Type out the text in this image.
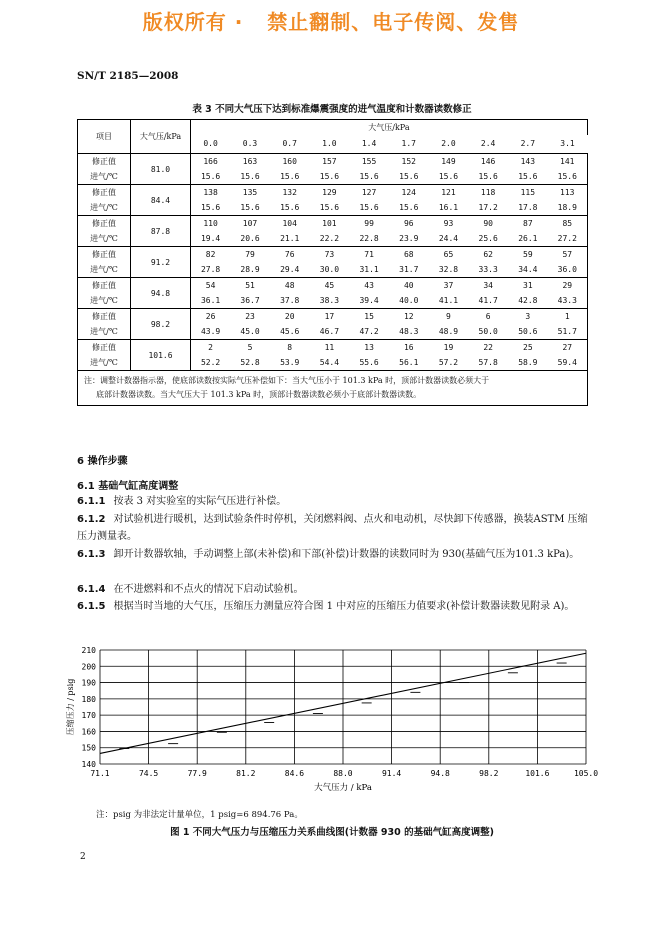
版权所有 ·   禁止翻制、电子传阅、发售
SN/T 2185—2008
表 3 不同大气压下达到标准爆震强度的进气温度和计数器读数修正
项目	大气压/kPa	大气压/kPa									
		0.0	0.3	0.7	1.0	1.4	1.7	2.0	2.4	2.7	3.1
修正值	81.0	166	163	160	157	155	152	149	146	143	141
进气/℃		15.6	15.6	15.6	15.6	15.6	15.6	15.6	15.6	15.6	15.6
修正值	84.4	138	135	132	129	127	124	121	118	115	113
进气/℃		15.6	15.6	15.6	15.6	15.6	15.6	16.1	17.2	17.8	18.9
修正值	87.8	110	107	104	101	99	96	93	90	87	85
进气/℃		19.4	20.6	21.1	22.2	22.8	23.9	24.4	25.6	26.1	27.2
修正值	91.2	82	79	76	73	71	68	65	62	59	57
进气/℃		27.8	28.9	29.4	30.0	31.1	31.7	32.8	33.3	34.4	36.0
修正值	94.8	54	51	48	45	43	40	37	34	31	29
进气/℃		36.1	36.7	37.8	38.3	39.4	40.0	41.1	41.7	42.8	43.3
修正值	98.2	26	23	20	17	15	12	9	6	3	1
进气/℃		43.9	45.0	45.6	46.7	47.2	48.3	48.9	50.0	50.6	51.7
修正值	101.6	2	5	8	11	13	16	19	22	25	27
进气/℃		52.2	52.8	53.9	54.4	55.6	56.1	57.2	57.8	58.9	59.4

注：调整计数器指示器，使底部读数按实际气压补偿如下：当大气压小于 101.3 kPa 时，顶部计数器读数必须大于
底部计数器读数。当大气压大于 101.3 kPa 时，顶部计数器读数必须小于底部计数器读数。											
6 操作步骤
6.1 基础气缸高度调整
6.1.1 按表 3 对实验室的实际气压进行补偿。
6.1.2 对试验机进行暖机，达到试验条件时停机，关闭燃料阀、点火和电动机，尽快卸下传感器，换装ASTM 压缩压力测量表。
6.1.3 卸开计数器软轴，手动调整上部(未补偿)和下部(补偿)计数器的读数同时为 930(基础气压为101.3 kPa)。
6.1.4 在不进燃料和不点火的情况下启动试验机。
6.1.5 根据当时当地的大气压，压缩压力测量应符合图 1 中对应的压缩压力值要求(补偿计数器读数见附录 A)。
71.1	74.5	77.9	81.2	84.6	88.0	91.4	94.8	98.2	101.6	105.0
140
150
160
170
180
190
200
210
大气压力 / kPa
压缩压力 / psig
注：psig 为非法定计量单位，1 psig=6 894.76 Pa。
图 1 不同大气压力与压缩压力关系曲线图(计数器 930 的基础气缸高度调整)
2
